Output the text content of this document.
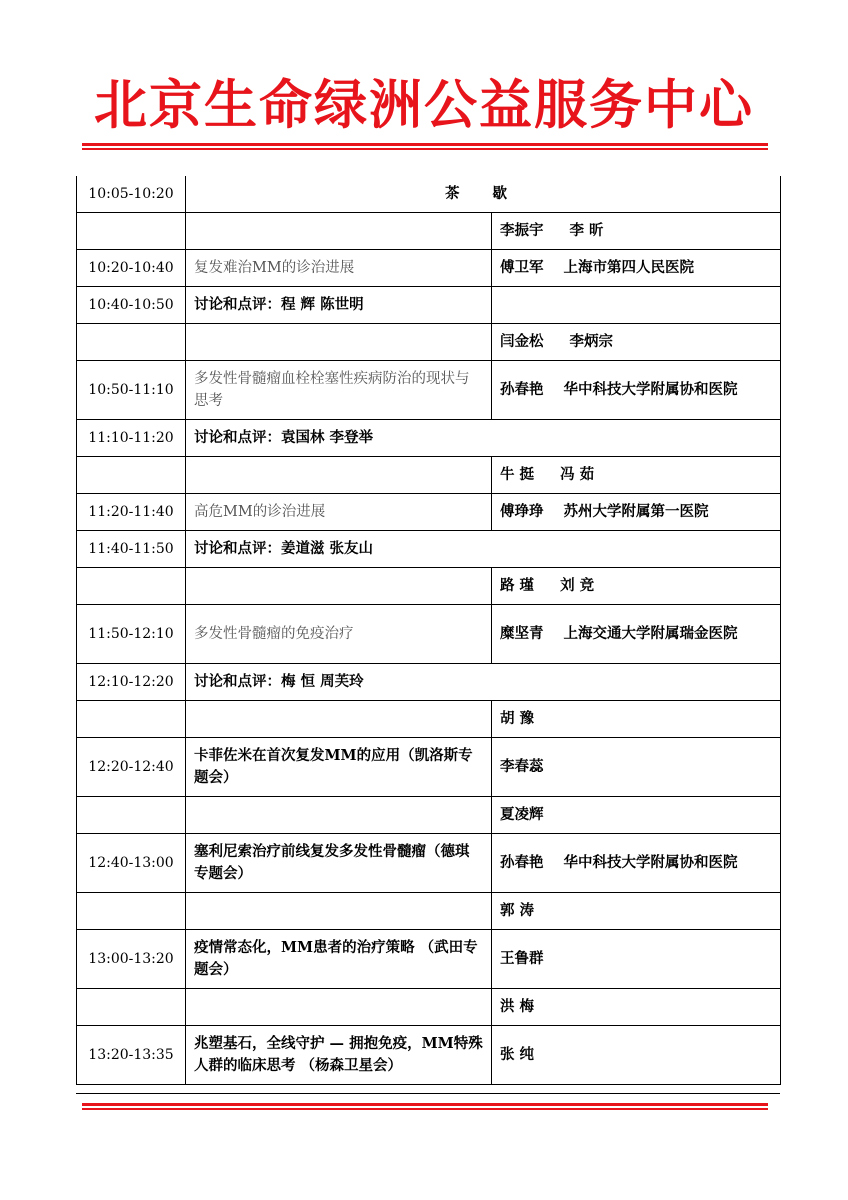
北京生命绿洲公益服务中心
10:05-10:20	茶 歇	
		李振宇 李 昕
10:20-10:40	复发难治MM的诊治进展	傅卫军 上海市第四人民医院
10:40-10:50	讨论和点评：程 辉 陈世明	
		闫金松 李炳宗
10:50-11:10	多发性骨髓瘤血栓栓塞性疾病防治的现状与思考	孙春艳 华中科技大学附属协和医院
11:10-11:20	讨论和点评：袁国林 李登举	
		牛 挺 冯 茹
11:20-11:40	高危MM的诊治进展	傅琤琤 苏州大学附属第一医院
11:40-11:50	讨论和点评：姜道滋 张友山	
		路 瑾 刘 竞
11:50-12:10	多发性骨髓瘤的免疫治疗	糜坚青 上海交通大学附属瑞金医院
12:10-12:20	讨论和点评：梅 恒 周芙玲	
		胡 豫
12:20-12:40	卡菲佐米在首次复发MM的应用（凯洛斯专题会）	李春蕊
		夏凌辉
12:40-13:00	塞利尼索治疗前线复发多发性骨髓瘤（德琪专题会）	孙春艳 华中科技大学附属协和医院
		郭 涛
13:00-13:20	疫情常态化，MM患者的治疗策略 （武田专题会）	王鲁群
		洪 梅
13:20-13:35	兆塑基石，全线守护 — 拥抱免疫，MM特殊人群的临床思考 （杨森卫星会）	张 纯
